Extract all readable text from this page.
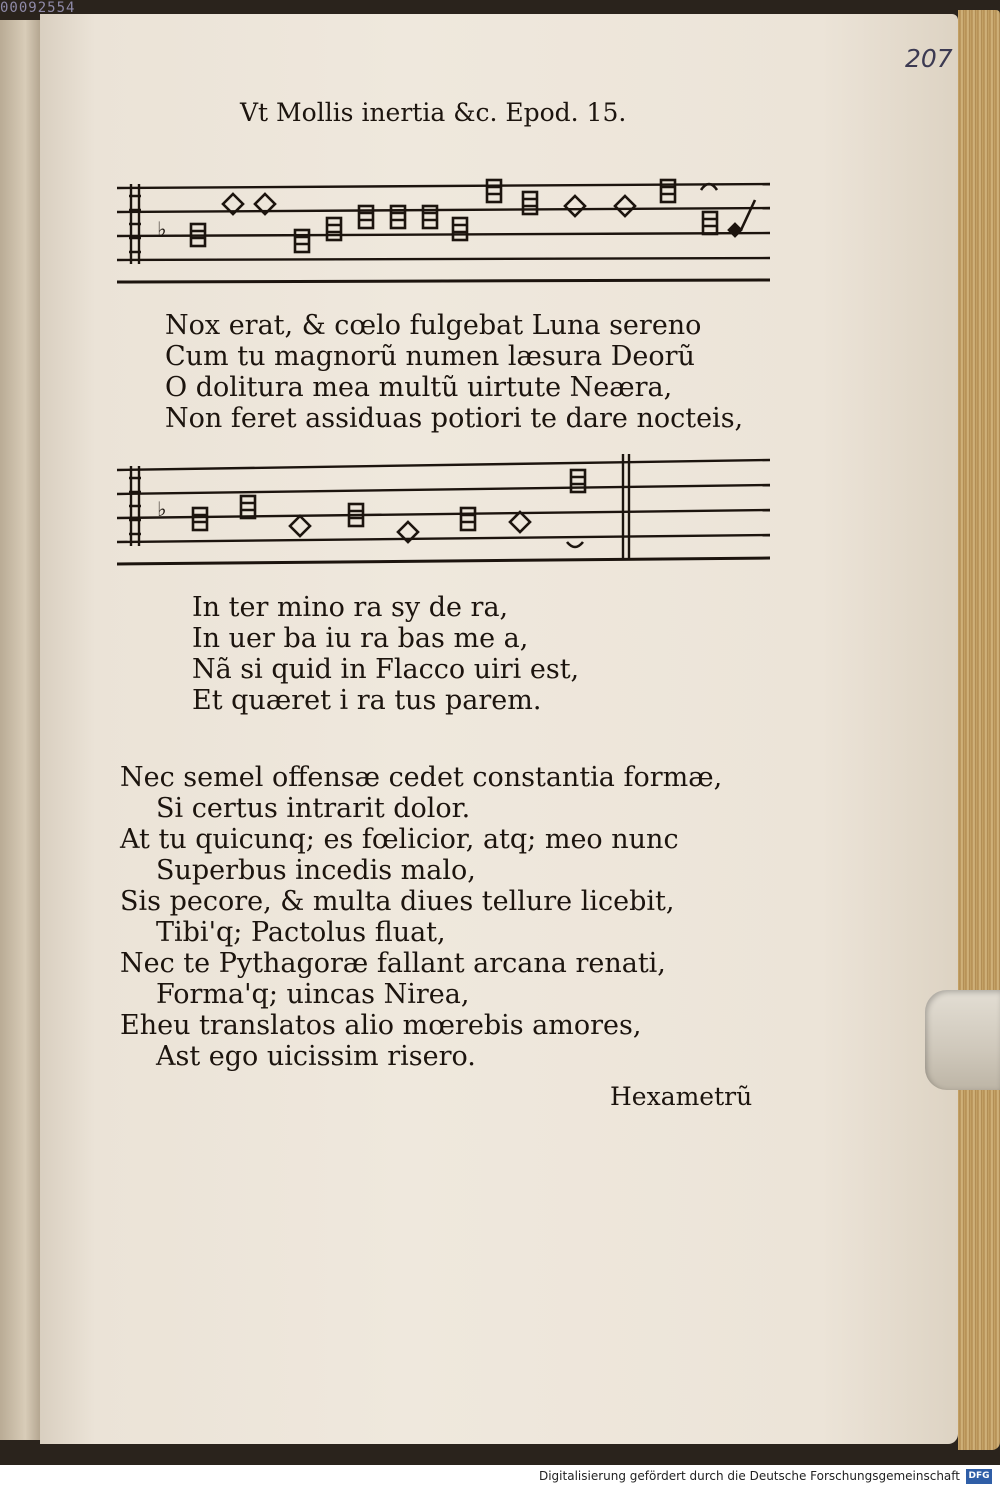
00092554
207
Vt Mollis inertia &c. Epod. 15.
♭
Nox erat, & cœlo fulgebat Luna sereno
Cum tu magnorũ numen læsura Deorũ
O dolitura mea multũ uirtute Neæra,
Non feret assiduas potiori te dare nocteis,
♭
In ter mino ra sy de ra,
In uer ba iu ra bas me a,
Nã si quid in Flacco uiri est,
Et quæret i ra tus parem.
Nec semel offensæ cedet constantia formæ,
Si certus intrarit dolor.
At tu quicunq; es fœlicior, atq; meo nunc
Superbus incedis malo,
Sis pecore, & multa diues tellure licebit,
Tibi'q; Pactolus fluat,
Nec te Pythagoræ fallant arcana renati,
Forma'q; uincas Nirea,
Eheu translatos alio mœrebis amores,
Ast ego uicissim risero.
Hexametrũ
Digitalisierung gefördert durch die Deutsche Forschungsgemeinschaft DFG
